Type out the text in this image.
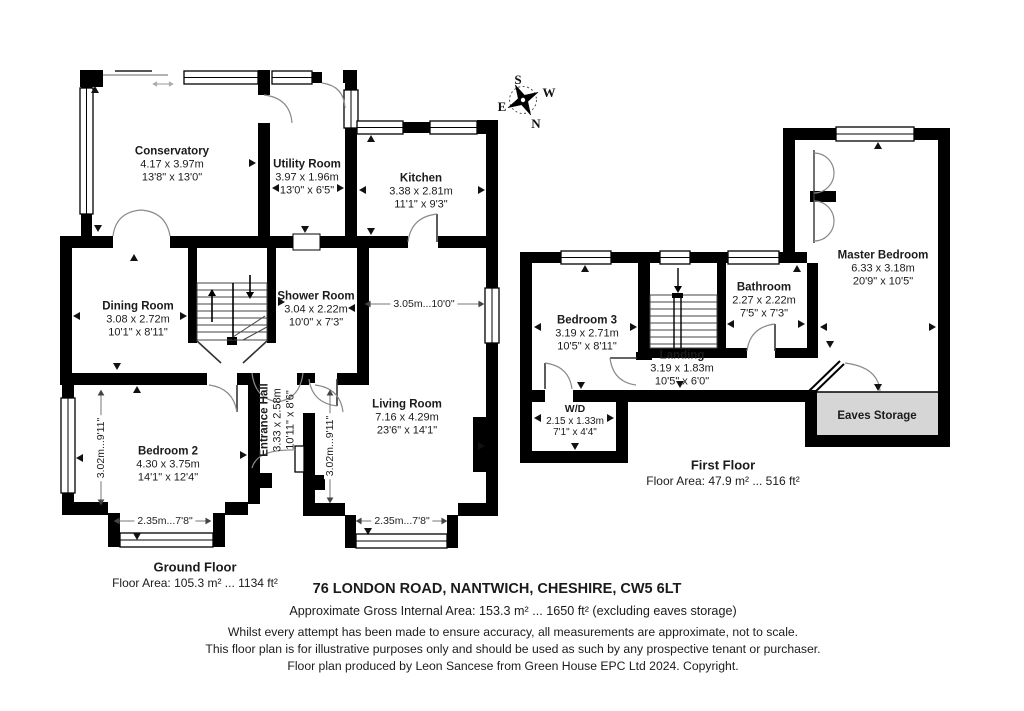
S
W
E
N
Conservatory
4.17 x 3.97m
13'8" x 13'0"
Utility Room
3.97 x 1.96m
13'0" x 6'5"
Kitchen
3.38 x 2.81m
11'1" x 9'3"
Dining Room
3.08 x 2.72m
10'1" x 8'11"
Shower Room
3.04 x 2.22m
10'0" x 7'3"
Entrance Hall 3.33 x 2.58m 10'11" x 8'6"
Bedroom 2
4.30 x 3.75m
14'1" x 12'4"
Living Room
7.16 x 4.29m
23'6" x 14'1"
Bedroom 3
3.19 x 2.71m
10'5" x 8'11"
Bathroom
2.27 x 2.22m
7'5" x 7'3"
Landing
3.19 x 1.83m
10'5" x 6'0"
W/D
2.15 x 1.33m
7'1" x 4'4"
Master Bedroom
6.33 x 3.18m
20'9" x 10'5"
Eaves Storage
3.05m...10'0"
3.02m...9'11"	3.02m...9'11"
2.35m...7'8"	2.35m...7'8"
Ground Floor
Floor Area: 105.3 m² ... 1134 ft²
First Floor
Floor Area: 47.9 m² ... 516 ft²
76 LONDON ROAD, NANTWICH, CHESHIRE, CW5 6LT
Approximate Gross Internal Area: 153.3 m² ... 1650 ft² (excluding eaves storage)
Whilst every attempt has been made to ensure accuracy, all measurements are approximate, not to scale.
This floor plan is for illustrative purposes only and should be used as such by any prospective tenant or purchaser.
Floor plan produced by Leon Sancese from Green House EPC Ltd 2024. Copyright.
